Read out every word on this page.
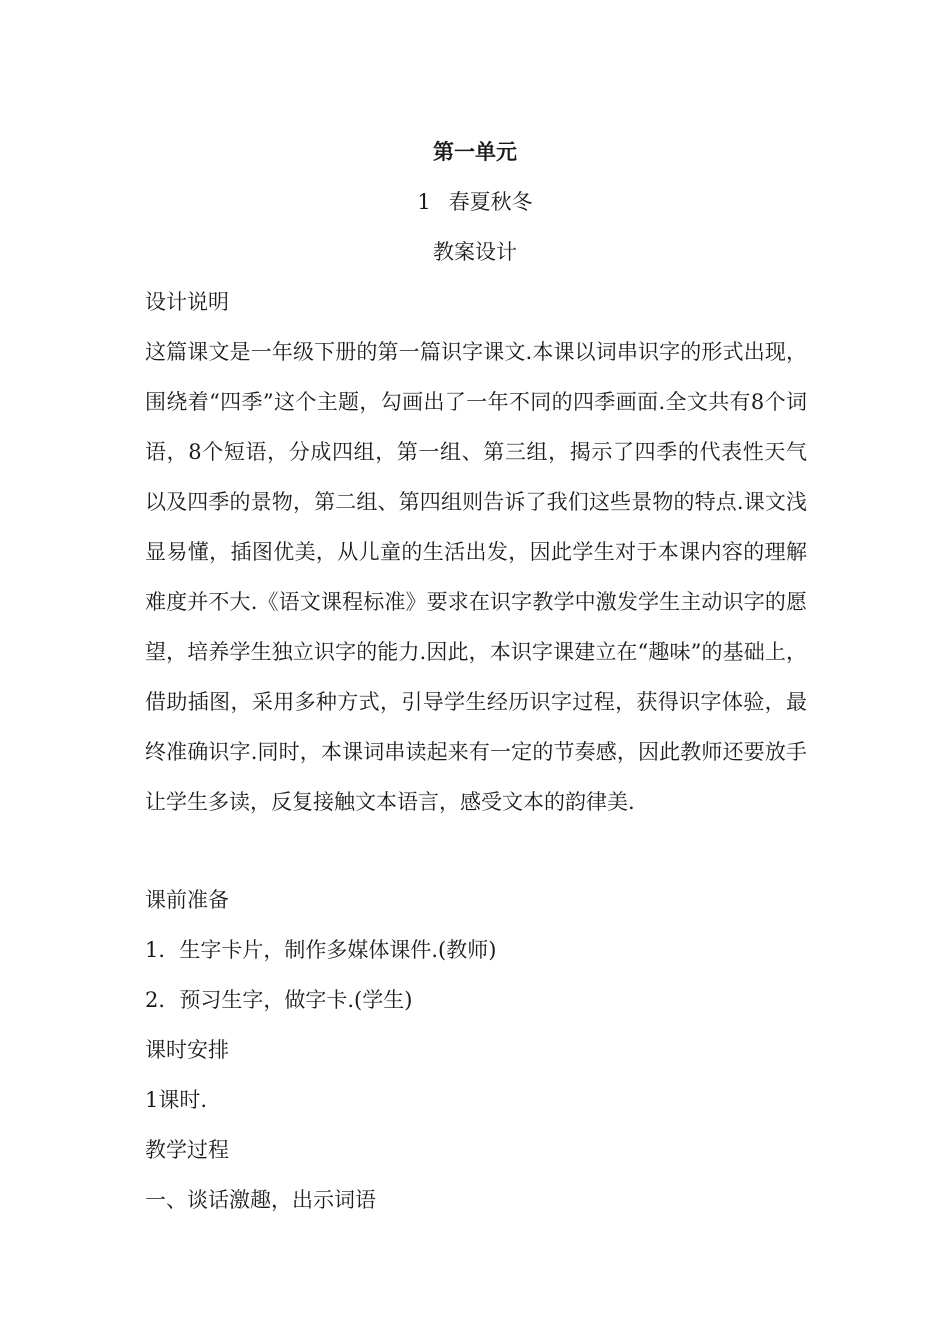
第一单元
1 春夏秋冬
教案设计
设计说明

这篇课文是一年级下册的第一篇识字课文.本课以词串识字的形式出现，围绕着“四季”这个主题，勾画出了一年不同的四季画面.全文共有8个词语，8个短语，分成四组，第一组、第三组，揭示了四季的代表性天气以及四季的景物，第二组、第四组则告诉了我们这些景物的特点.课文浅显易懂，插图优美，从儿童的生活出发，因此学生对于本课内容的理解难度并不大.《语文课程标准》要求在识字教学中激发学生主动识字的愿望，培养学生独立识字的能力.因此，本识字课建立在“趣味”的基础上，借助插图，采用多种方式，引导学生经历识字过程，获得识字体验，最终准确识字.同时，本课词串读起来有一定的节奏感，因此教师还要放手让学生多读，反复接触文本语言，感受文本的韵律美.

课前准备
1．生字卡片，制作多媒体课件.(教师)
2．预习生字，做字卡.(学生)
课时安排
1课时.
教学过程
一、谈话激趣，出示词语
